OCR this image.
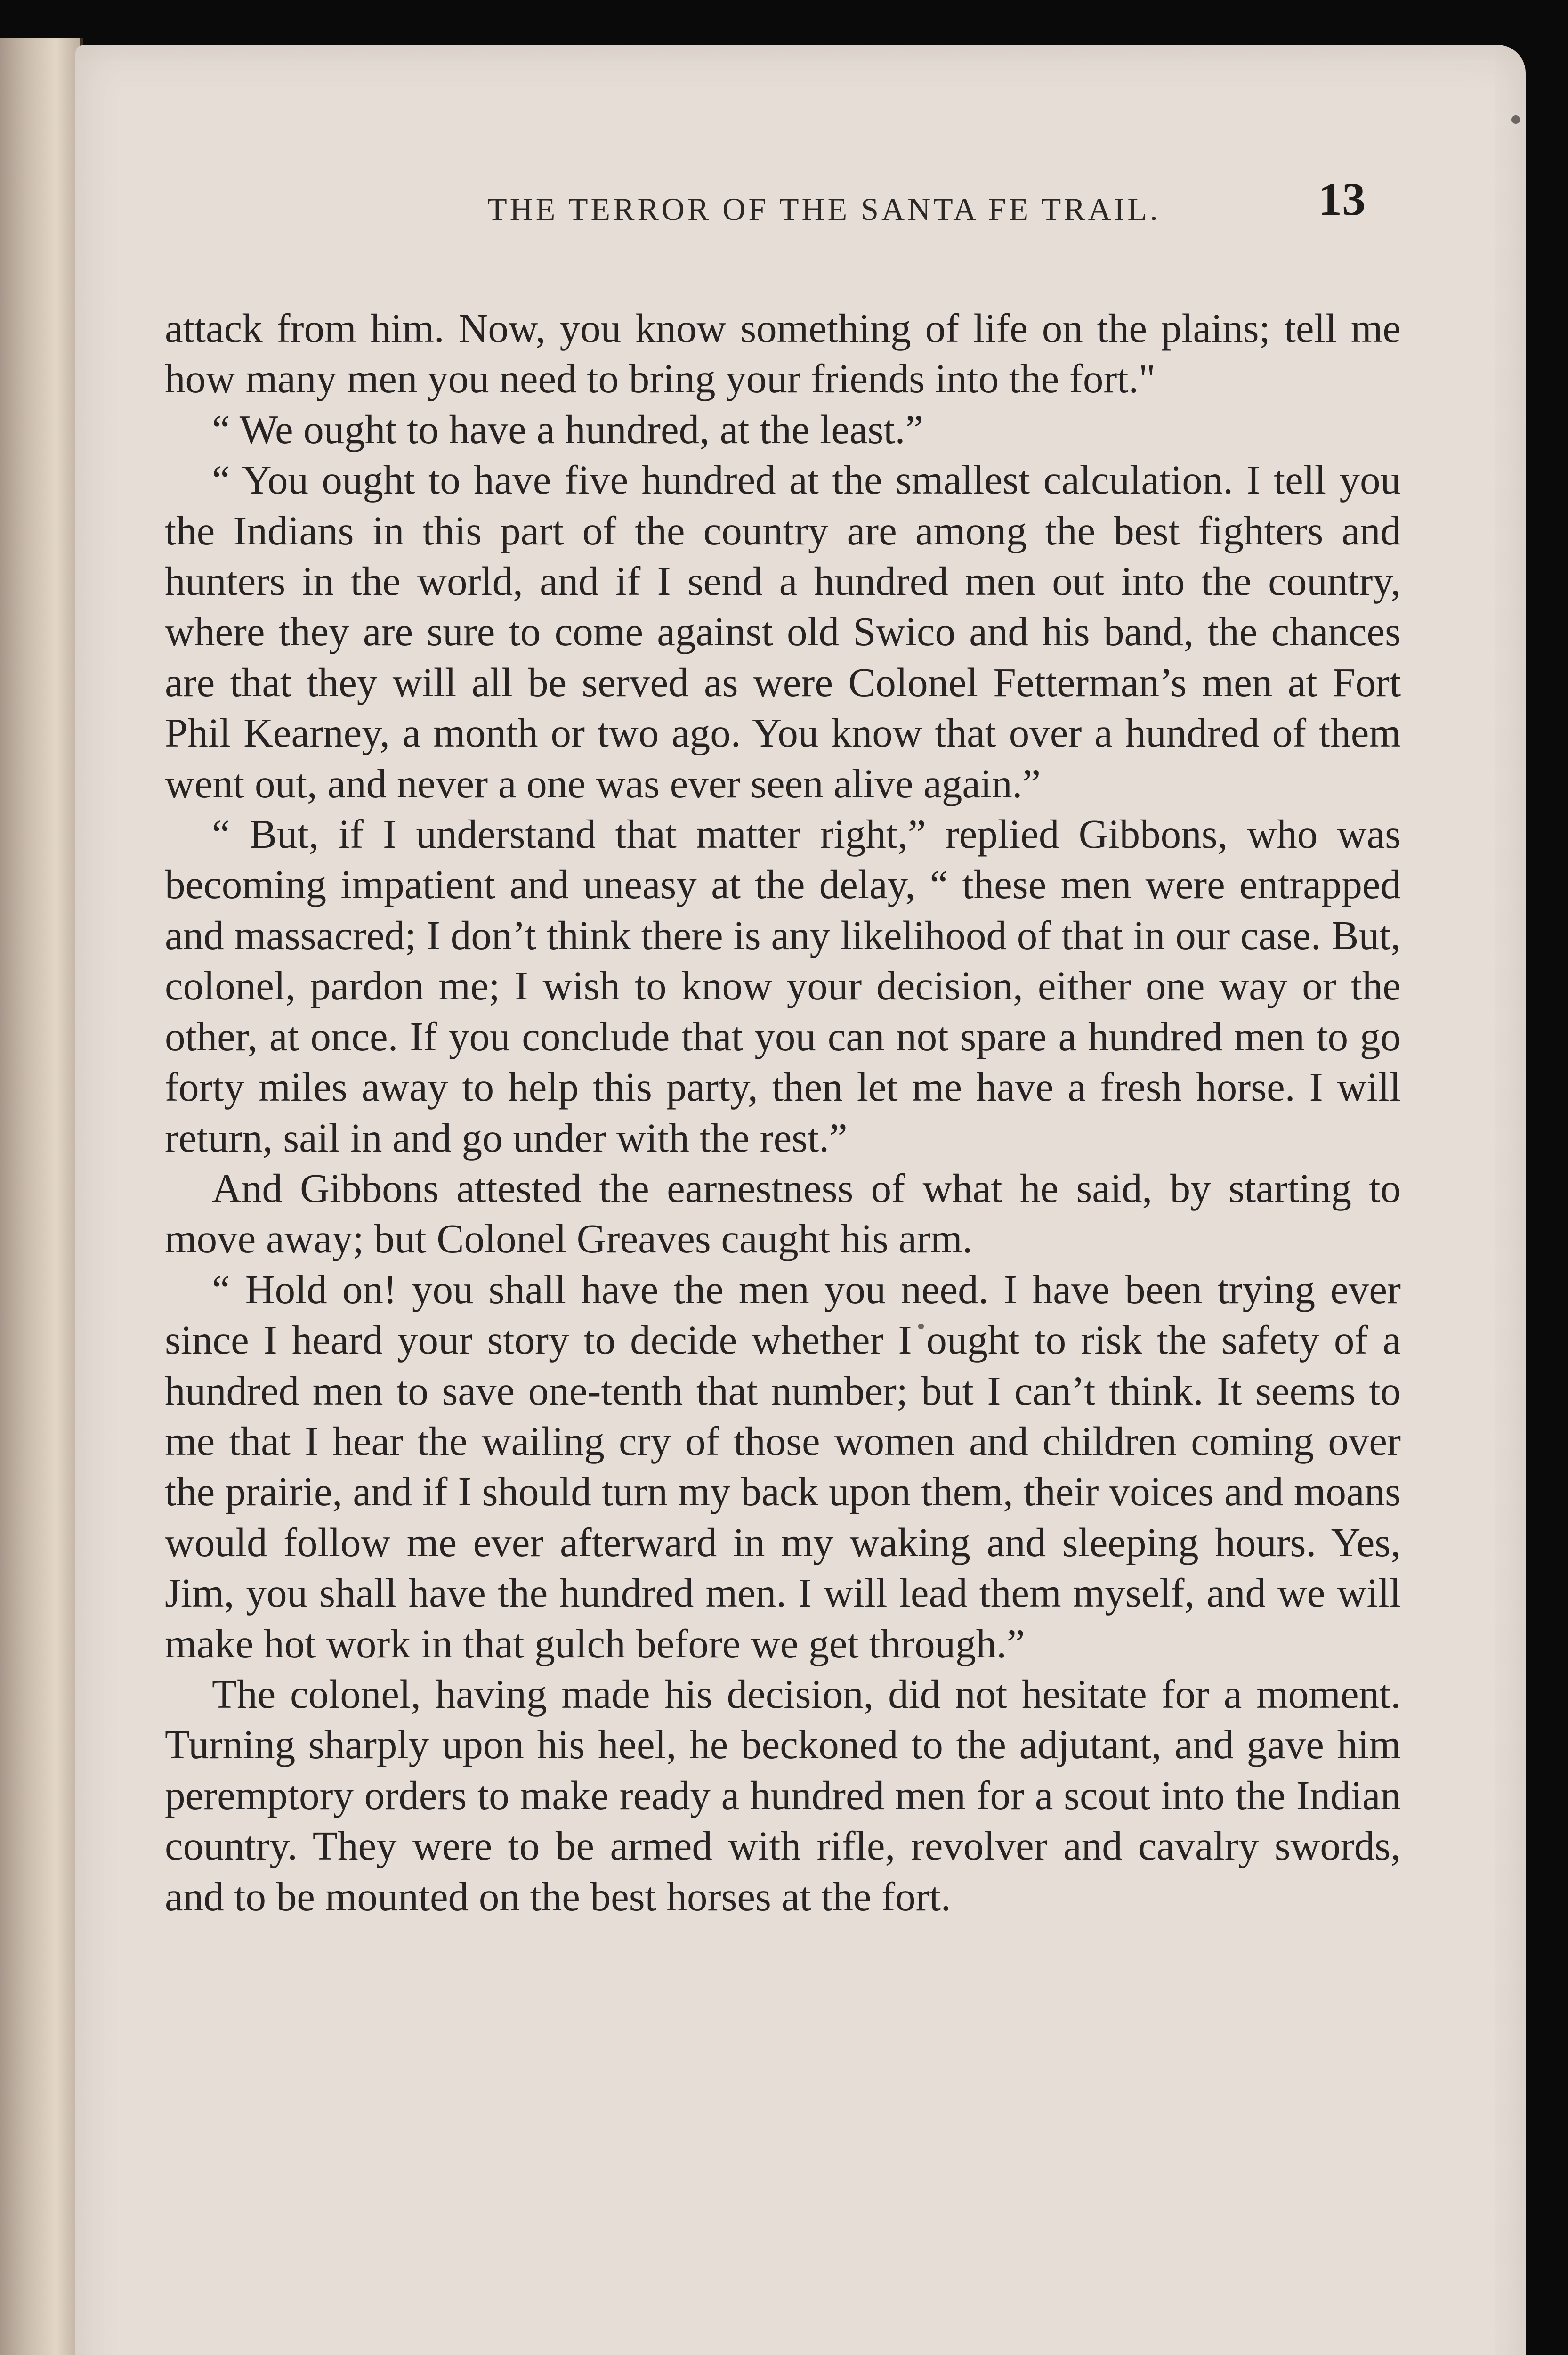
THE TERROR OF THE SANTA FE TRAIL.	13

attack from him. Now, you know something of life on the plains; tell me how many men you need to bring your friends into the fort."

“ We ought to have a hundred, at the least.”

“ You ought to have five hundred at the smallest calculation. I tell you the Indians in this part of the country are among the best fighters and hunters in the world, and if I send a hundred men out into the country, where they are sure to come against old Swico and his band, the chances are that they will all be served as were Colonel Fetterman’s men at Fort Phil Kearney, a month or two ago. You know that over a hundred of them went out, and never a one was ever seen alive again.”

“ But, if I understand that matter right,” replied Gibbons, who was becoming impatient and uneasy at the delay, “ these men were entrapped and massacred; I don’t think there is any likelihood of that in our case. But, colonel, pardon me; I wish to know your decision, either one way or the other, at once. If you conclude that you can not spare a hundred men to go forty miles away to help this party, then let me have a fresh horse. I will return, sail in and go under with the rest.”

And Gibbons attested the earnestness of what he said, by starting to move away; but Colonel Greaves caught his arm.

“ Hold on! you shall have the men you need. I have been trying ever since I heard your story to decide whether I ought to risk the safety of a hundred men to save one-tenth that number; but I can’t think. It seems to me that I hear the wailing cry of those women and children coming over the prairie, and if I should turn my back upon them, their voices and moans would follow me ever afterward in my waking and sleeping hours. Yes, Jim, you shall have the hundred men. I will lead them myself, and we will make hot work in that gulch before we get through.”

The colonel, having made his decision, did not hesitate for a moment. Turning sharply upon his heel, he beckoned to the adjutant, and gave him peremptory orders to make ready a hundred men for a scout into the Indian country. They were to be armed with rifle, revolver and cavalry swords, and to be mounted on the best horses at the fort.
